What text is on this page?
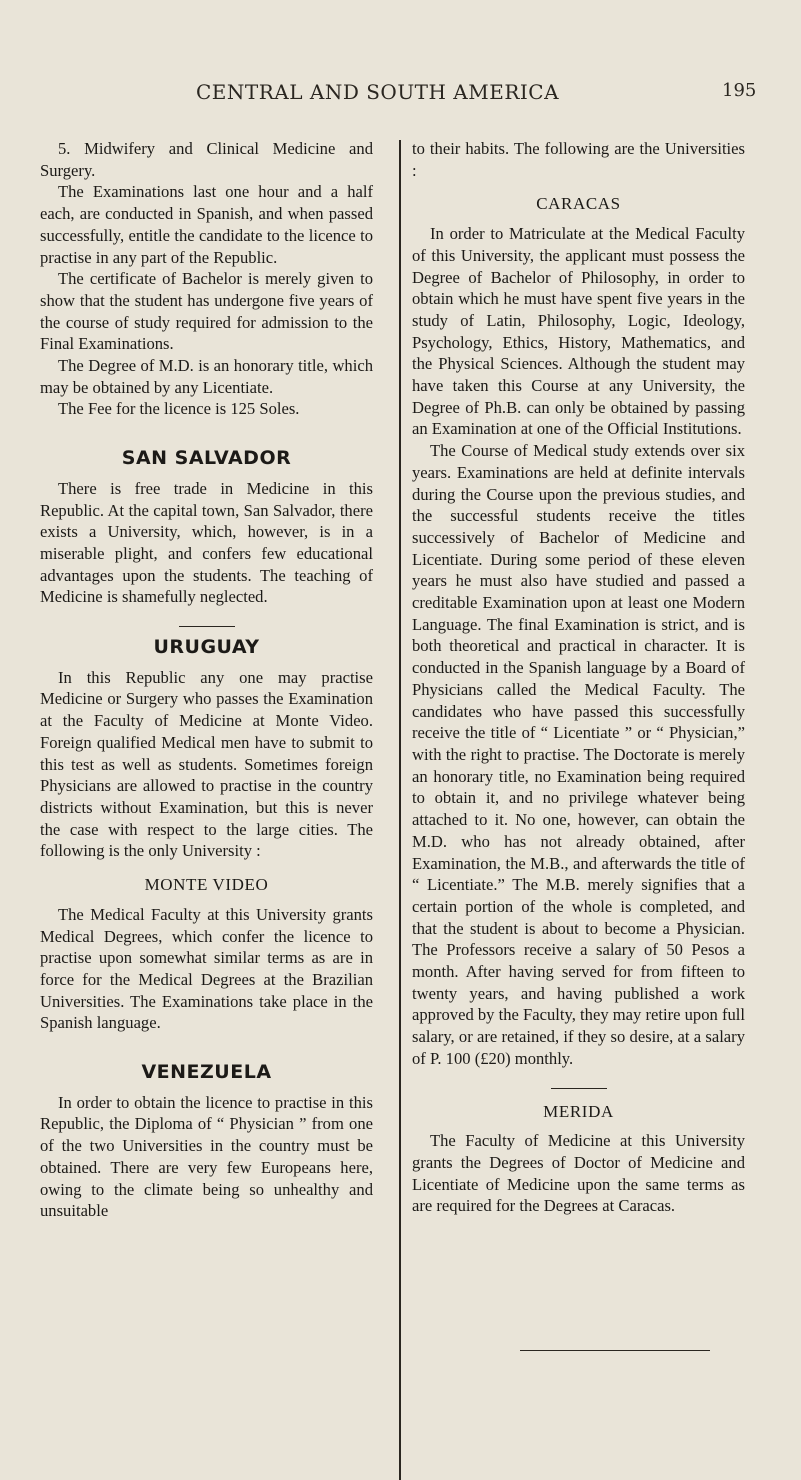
CENTRAL AND SOUTH AMERICA	195

5. Midwifery and Clinical Medicine and Surgery.

The Examinations last one hour and a half each, are conducted in Spanish, and when passed successfully, entitle the candidate to the licence to practise in any part of the Republic.

The certificate of Bachelor is merely given to show that the student has undergone five years of the course of study required for admission to the Final Examinations.

The Degree of M.D. is an honorary title, which may be obtained by any Licentiate.

The Fee for the licence is 125 Soles.

SAN SALVADOR

There is free trade in Medicine in this Republic. At the capital town, San Salvador, there exists a University, which, however, is in a miserable plight, and confers few educational advantages upon the students. The teaching of Medicine is shamefully neglected.

URUGUAY

In this Republic any one may practise Medicine or Surgery who passes the Examination at the Faculty of Medicine at Monte Video. Foreign qualified Medical men have to submit to this test as well as students. Sometimes foreign Physicians are allowed to practise in the country districts without Examination, but this is never the case with respect to the large cities. The following is the only University :

MONTE VIDEO

The Medical Faculty at this University grants Medical Degrees, which confer the licence to practise upon somewhat similar terms as are in force for the Medical Degrees at the Brazilian Universities. The Examinations take place in the Spanish language.

VENEZUELA

In order to obtain the licence to practise in this Republic, the Diploma of “ Physician ” from one of the two Universities in the country must be obtained. There are very few Europeans here, owing to the climate being so unhealthy and unsuitable

to their habits. The following are the Universities :

CARACAS

In order to Matriculate at the Medical Faculty of this University, the applicant must possess the Degree of Bachelor of Philosophy, in order to obtain which he must have spent five years in the study of Latin, Philosophy, Logic, Ideology, Psychology, Ethics, History, Mathematics, and the Physical Sciences. Although the student may have taken this Course at any University, the Degree of Ph.B. can only be obtained by passing an Examination at one of the Official Institutions.

The Course of Medical study extends over six years. Examinations are held at definite intervals during the Course upon the previous studies, and the successful students receive the titles successively of Bachelor of Medicine and Licentiate. During some period of these eleven years he must also have studied and passed a creditable Examination upon at least one Modern Language. The final Examination is strict, and is both theoretical and practical in character. It is conducted in the Spanish language by a Board of Physicians called the Medical Faculty. The candidates who have passed this successfully receive the title of “ Licentiate ” or “ Physician,” with the right to practise. The Doctorate is merely an honorary title, no Examination being required to obtain it, and no privilege whatever being attached to it. No one, however, can obtain the M.D. who has not already obtained, after Examination, the M.B., and afterwards the title of “ Licentiate.” The M.B. merely signifies that a certain portion of the whole is completed, and that the student is about to become a Physician. The Professors receive a salary of 50 Pesos a month. After having served for from fifteen to twenty years, and having published a work approved by the Faculty, they may retire upon full salary, or are retained, if they so desire, at a salary of P. 100 (£20) monthly.

MERIDA

The Faculty of Medicine at this University grants the Degrees of Doctor of Medicine and Licentiate of Medicine upon the same terms as are required for the Degrees at Caracas.
